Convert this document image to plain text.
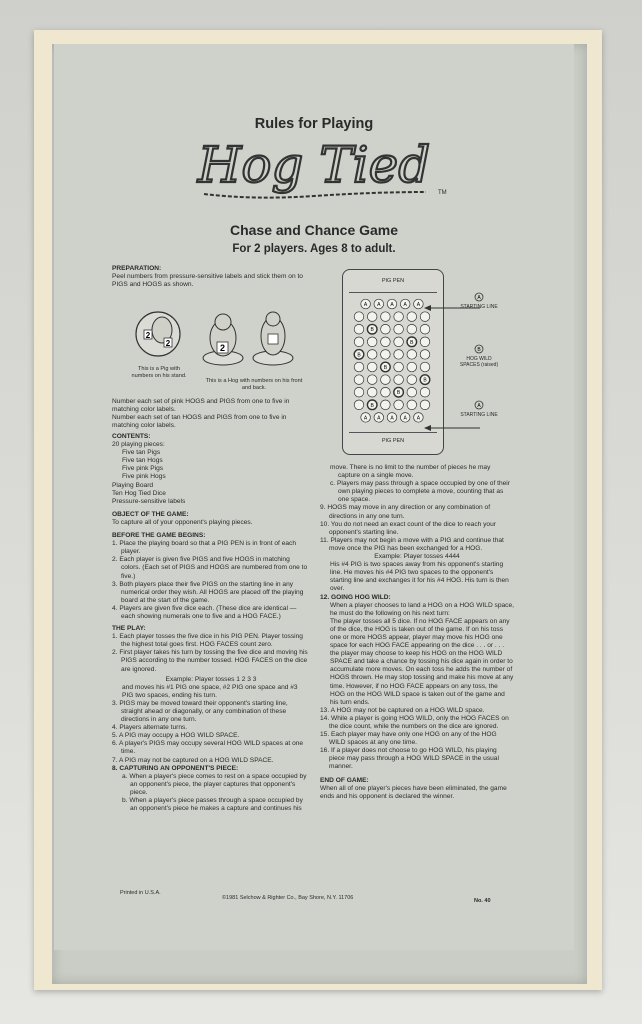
Rules for Playing
Hog Tied TM
Chase and Chance Game
For 2 players. Ages 8 to adult.
PREPARATION:
Peel numbers from pressure-sensitive labels and stick them on to PIGS and HOGS as shown.
2
2	2
This is a Pig with numbers on his stand.
This is a Hog with numbers on his front and back.
Number each set of pink HOGS and PIGS from one to five in matching color labels.
Number each set of tan HOGS and PIGS from one to five in matching color labels.
CONTENTS:
20 playing pieces:
Five tan Pigs
Five tan Hogs
Five pink Pigs
Five pink Hogs
Playing Board
Ten Hog Tied Dice
Pressure-sensitive labels
OBJECT OF THE GAME:
To capture all of your opponent's playing pieces.
BEFORE THE GAME BEGINS:
1. Place the playing board so that a PIG PEN is in front of each player.
2. Each player is given five PIGS and five HOGS in matching colors. (Each set of PIGS and HOGS are numbered from one to five.)
3. Both players place their five PIGS on the starting line in any numerical order they wish. All HOGS are placed off the playing board at the start of the game.
4. Players are given five dice each. (These dice are identical — each showing numerals one to five and a HOG FACE.)
THE PLAY:
1. Each player tosses the five dice in his PIG PEN. Player tossing the highest total goes first. HOG FACES count zero.
2. First player takes his turn by tossing the five dice and moving his PIGS according to the number tossed. HOG FACES on the dice are ignored.
Example: Player tosses 1 2 3 3
and moves his #1 PIG one space, #2 PIG one space and #3 PIG two spaces, ending his turn.
3. PIGS may be moved toward their opponent's starting line, straight ahead or diagonally, or any combination of these directions in any one turn.
4. Players alternate turns.
5. A PIG may occupy a HOG WILD SPACE.
6. A player's PIGS may occupy several HOG WILD spaces at one time.
7. A PIG may not be captured on a HOG WILD SPACE.
8. CAPTURING AN OPPONENT'S PIECE:
a. When a player's piece comes to rest on a space occupied by an opponent's piece, the player captures that opponent's piece.
b. When a player's piece passes through a space occupied by an opponent's piece he makes a capture and continues his
PIG PEN
A A A A A
B
B
B
B
B
B
B
A A A A A
PIG PEN
A
STARTING LINE
B
HOG WILD SPACES (raised)
A
STARTING LINE
move. There is no limit to the number of pieces he may capture on a single move.
c. Players may pass through a space occupied by one of their own playing pieces to complete a move, counting that as one space.
9. HOGS may move in any direction or any combination of directions in any one turn.
10. You do not need an exact count of the dice to reach your opponent's starting line.
11. Players may not begin a move with a PIG and continue that move once the PIG has been exchanged for a HOG.
Example: Player tosses 4444
His #4 PIG is two spaces away from his opponent's starting line. He moves his #4 PIG two spaces to the opponent's starting line and exchanges it for his #4 HOG. His turn is then over.
12. GOING HOG WILD:
When a player chooses to land a HOG on a HOG WILD space, he must do the following on his next turn:
The player tosses all 5 dice. If no HOG FACE appears on any of the dice, the HOG is taken out of the game. If on his toss one or more HOGS appear, player may move his HOG one space for each HOG FACE appearing on the dice . . . or . . . the player may choose to keep his HOG on the HOG WILD SPACE and take a chance by tossing his dice again in order to accumulate more moves. On each toss he adds the number of HOGS thrown. He may stop tossing and make his move at any time. However, if no HOG FACE appears on any toss, the HOG on the HOG WILD space is taken out of the game and his turn ends.
13. A HOG may not be captured on a HOG WILD space.
14. While a player is going HOG WILD, only the HOG FACES on the dice count, while the numbers on the dice are ignored.
15. Each player may have only one HOG on any of the HOG WILD spaces at any one time.
16. If a player does not choose to go HOG WILD, his playing piece may pass through a HOG WILD SPACE in the usual manner.
END OF GAME:
When all of one player's pieces have been eliminated, the game ends and his opponent is declared the winner.
Printed in U.S.A.
©1981 Selchow & Righter Co., Bay Shore, N.Y. 11706	No. 40
